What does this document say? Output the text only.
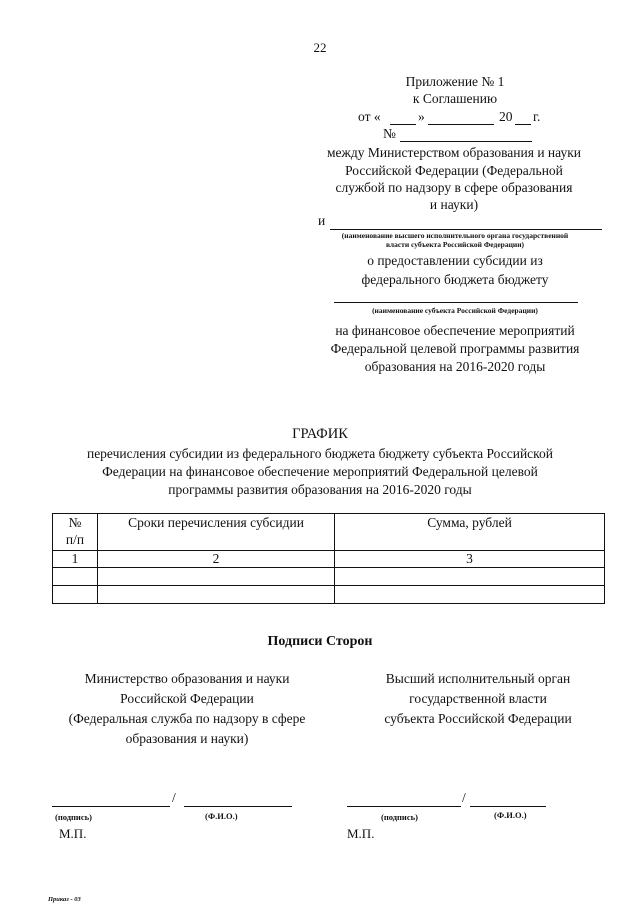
22
Приложение № 1
к Соглашению
от «	»	20 г.
№
между Министерством образования и науки
Российской Федерации (Федеральной
службой по надзору в сфере образования
и науки)
и
(наименование высшего исполнительного органа государственной
власти субъекта Российской Федерации)
о предоставлении субсидии из
федерального бюджета бюджету
(наименование субъекта Российской Федерации)
на финансовое обеспечение мероприятий
Федеральной целевой программы развития
образования на 2016-2020 годы
ГРАФИК
перечисления субсидии из федерального бюджета бюджету субъекта Российской
Федерации на финансовое обеспечение мероприятий Федеральной целевой
программы развития образования на 2016-2020 годы
№
п/п	Сроки перечисления субсидии	Сумма, рублей
1	2	3

Подписи Сторон
Министерство образования и науки
Российской Федерации
(Федеральная служба по надзору в сфере
образования и науки)
Высший исполнительный орган
государственной власти
субъекта Российской Федерации
/
(подпись)	(Ф.И.О.)
М.П.
/
(подпись)	(Ф.И.О.)
М.П.
Приказ - 03
